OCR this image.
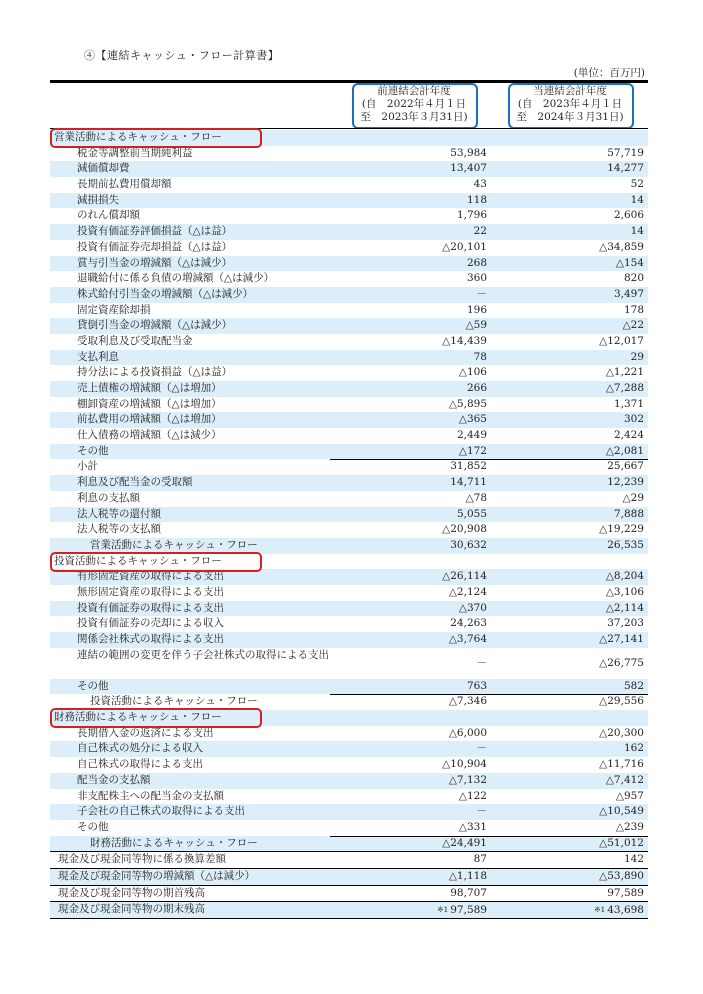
④【連結キャッシュ・フロー計算書】
(単位：百万円)
前連結会計年度
(自　2022年４月１日
至　2023年３月31日)
当連結会計年度
(自　2023年４月１日
至　2024年３月31日)
営業活動によるキャッシュ・フロー
税金等調整前当期純利益	53,984	57,719
減価償却費	13,407	14,277
長期前払費用償却額	43	52
減損損失	118	14
のれん償却額	1,796	2,606
投資有価証券評価損益（△は益）	22	14
投資有価証券売却損益（△は益）	△20,101	△34,859
賞与引当金の増減額（△は減少）	268	△154
退職給付に係る負債の増減額（△は減少）	360	820
株式給付引当金の増減額（△は減少）	－	3,497
固定資産除却損	196	178
貸倒引当金の増減額（△は減少）	△59	△22
受取利息及び受取配当金	△14,439	△12,017
支払利息	78	29
持分法による投資損益（△は益）	△106	△1,221
売上債権の増減額（△は増加）	266	△7,288
棚卸資産の増減額（△は増加）	△5,895	1,371
前払費用の増減額（△は増加）	△365	302
仕入債務の増減額（△は減少）	2,449	2,424
その他	△172	△2,081
小計	31,852	25,667
利息及び配当金の受取額	14,711	12,239
利息の支払額	△78	△29
法人税等の還付額	5,055	7,888
法人税等の支払額	△20,908	△19,229
営業活動によるキャッシュ・フロー	30,632	26,535
投資活動によるキャッシュ・フロー
有形固定資産の取得による支出	△26,114	△8,204
無形固定資産の取得による支出	△2,124	△3,106
投資有価証券の取得による支出	△370	△2,114
投資有価証券の売却による収入	24,263	37,203
関係会社株式の取得による支出	△3,764	△27,141
連結の範囲の変更を伴う子会社株式の取得による支出
－	△26,775
その他	763	582
投資活動によるキャッシュ・フロー	△7,346	△29,556
財務活動によるキャッシュ・フロー
長期借入金の返済による支出	△6,000	△20,300
自己株式の処分による収入	－	162
自己株式の取得による支出	△10,904	△11,716
配当金の支払額	△7,132	△7,412
非支配株主への配当金の支払額	△122	△957
子会社の自己株式の取得による支出	－	△10,549
その他	△331	△239
財務活動によるキャッシュ・フロー	△24,491	△51,012
現金及び現金同等物に係る換算差額	87	142
現金及び現金同等物の増減額（△は減少）	△1,118	△53,890
現金及び現金同等物の期首残高	98,707	97,589
現金及び現金同等物の期末残高	※1 97,589	※1 43,698
